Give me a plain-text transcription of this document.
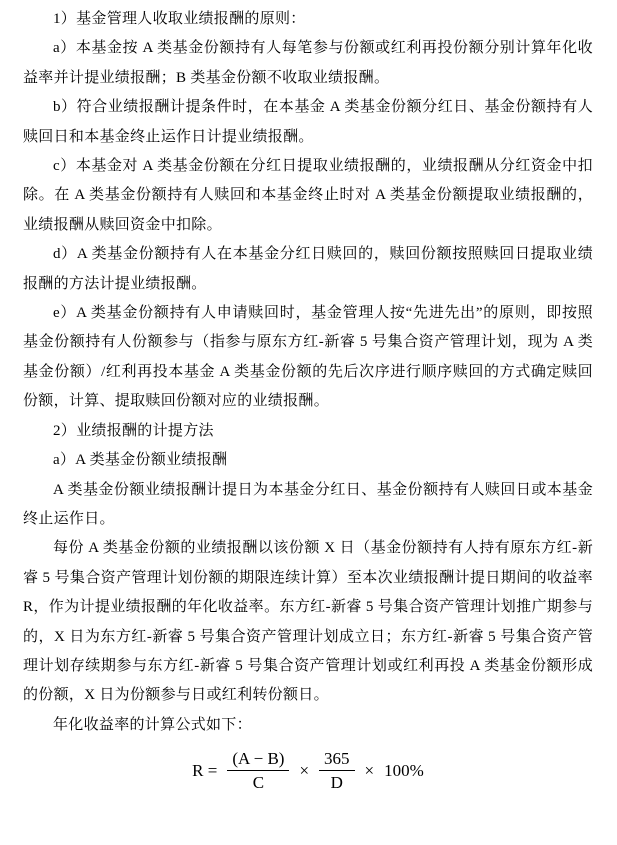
1）基金管理人收取业绩报酬的原则：

a）本基金按 A 类基金份额持有人每笔参与份额或红利再投份额分别计算年化收益率并计提业绩报酬；B 类基金份额不收取业绩报酬。

b）符合业绩报酬计提条件时，在本基金 A 类基金份额分红日、基金份额持有人赎回日和本基金终止运作日计提业绩报酬。

c）本基金对 A 类基金份额在分红日提取业绩报酬的，业绩报酬从分红资金中扣除。在 A 类基金份额持有人赎回和本基金终止时对 A 类基金份额提取业绩报酬的，业绩报酬从赎回资金中扣除。

d）A 类基金份额持有人在本基金分红日赎回的，赎回份额按照赎回日提取业绩报酬的方法计提业绩报酬。

e）A 类基金份额持有人申请赎回时，基金管理人按“先进先出”的原则，即按照基金份额持有人份额参与（指参与原东方红-新睿 5 号集合资产管理计划，现为 A 类基金份额）/红利再投本基金 A 类基金份额的先后次序进行顺序赎回的方式确定赎回份额，计算、提取赎回份额对应的业绩报酬。

2）业绩报酬的计提方法

a）A 类基金份额业绩报酬

A 类基金份额业绩报酬计提日为本基金分红日、基金份额持有人赎回日或本基金终止运作日。

每份 A 类基金份额的业绩报酬以该份额 X 日（基金份额持有人持有原东方红-新睿 5 号集合资产管理计划份额的期限连续计算）至本次业绩报酬计提日期间的收益率 R，作为计提业绩报酬的年化收益率。东方红-新睿 5 号集合资产管理计划推广期参与的，X 日为东方红-新睿 5 号集合资产管理计划成立日；东方红-新睿 5 号集合资产管理计划存续期参与东方红-新睿 5 号集合资产管理计划或红利再投 A 类基金份额形成的份额，X 日为份额参与日或红利转份额日。

年化收益率的计算公式如下：

$R = \frac{(A - B)}{C} \times \frac{365}{D} \times 100\%$
